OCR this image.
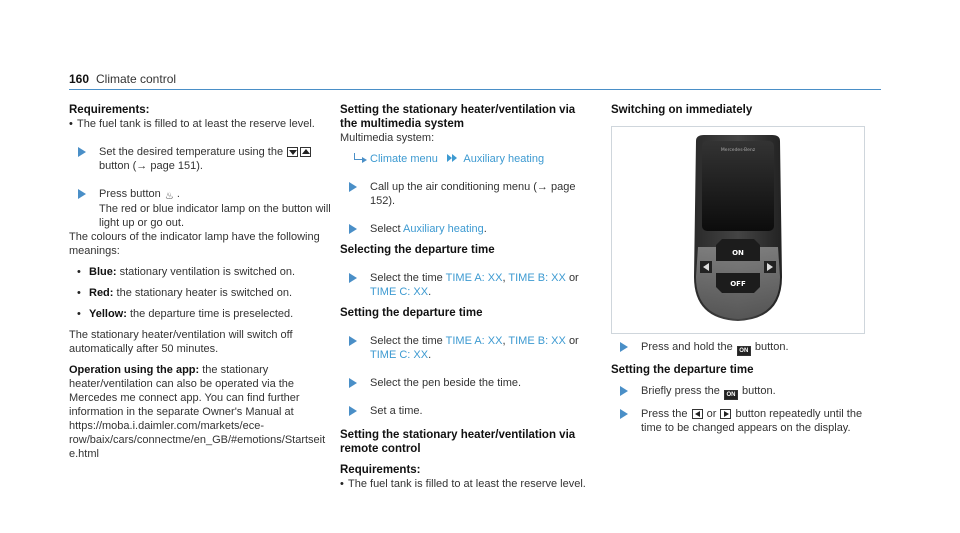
160 Climate control
Requirements:
• The fuel tank is filled to at least the reserve level.
Set the desired temperature using the
button (→ page 151).
Press button ♨ .
The red or blue indicator lamp on the button will light up or go out.
The colours of the indicator lamp have the following meanings:
• Blue: stationary ventilation is switched on.
• Red: the stationary heater is switched on.
• Yellow: the departure time is preselected.
The stationary heater/ventilation will switch off automatically after 50 minutes.
Operation using the app: the stationary heater/ventilation can also be operated via the Mercedes me connect app. You can find further information in the separate Owner's Manual at https://moba.i.daimler.com/markets/ece-row/baix/cars/connectme/en_GB/#emotions/Startseite.html
Setting the stationary heater/ventilation via the multimedia system
Multimedia system:
Climate menu Auxiliary heating
Call up the air conditioning menu (→ page 152).
Select Auxiliary heating.
Selecting the departure time
Select the time TIME A: XX, TIME B: XX or
TIME C: XX.
Setting the departure time
Select the time TIME A: XX, TIME B: XX or
TIME C: XX.
Select the pen beside the time.
Set a time.
Setting the stationary heater/ventilation via remote control
Requirements:
• The fuel tank is filled to at least the reserve level.
Switching on immediately
Mercedes-Benz
ON
OFF
Press and hold the ON button.
Setting the departure time
Briefly press the ON button.
Press the or button repeatedly until the time to be changed appears on the display.
